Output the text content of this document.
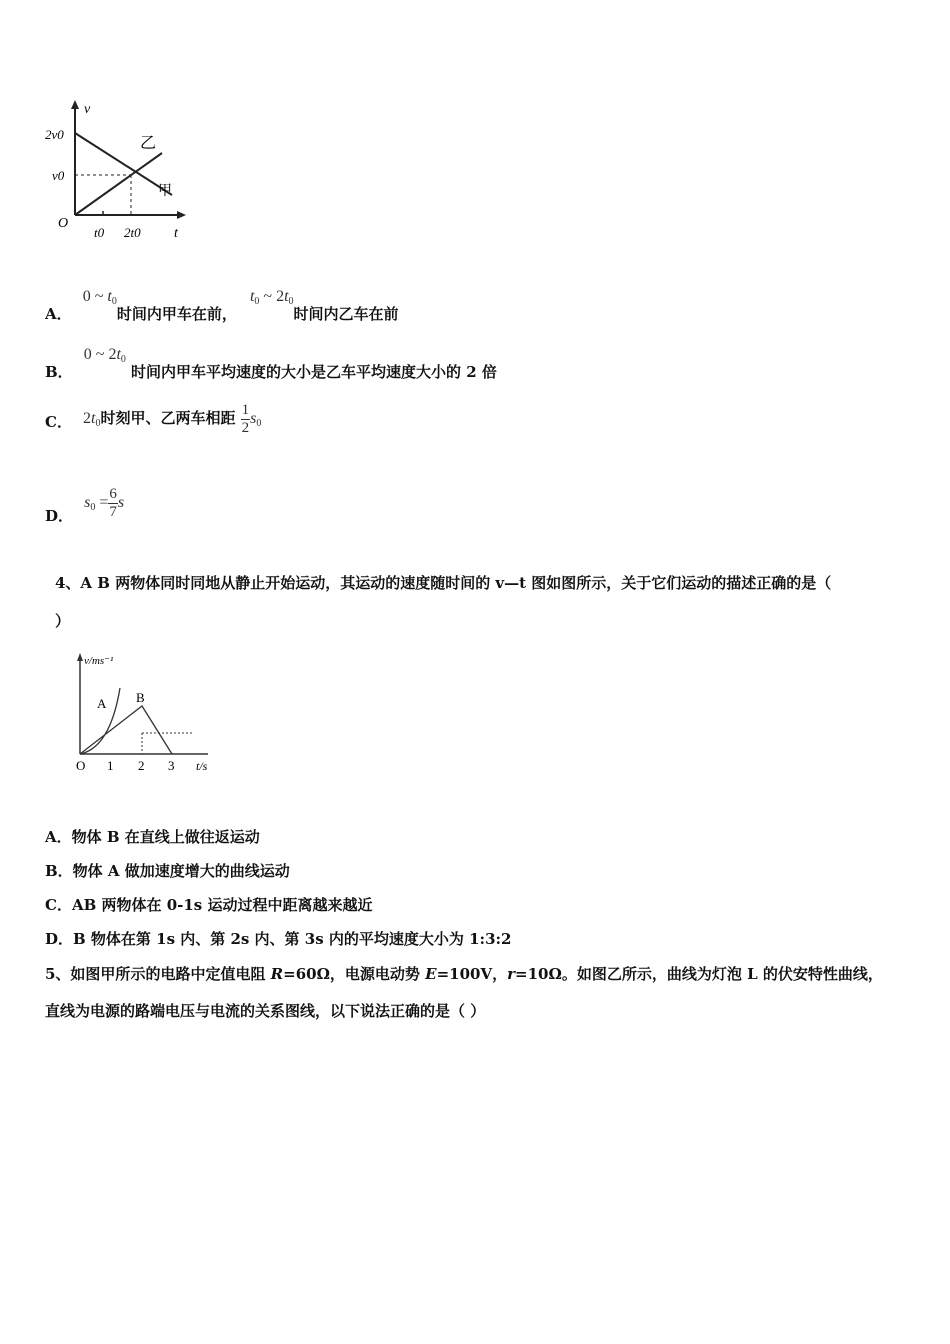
v
2v0
v0
O
t0 2t0 t
乙
甲
A． 0 ~ $t_0$时间内甲车在前， $t_0$ ~ $2t_0$时间内乙车在前
B． 0 ~ $2t_0$ 时间内甲车平均速度的大小是乙车平均速度大小的 2 倍
C． $2t_0$时刻甲、乙两车相距 $\frac{1}{2} s_0$
D． $s_0 = \frac{6}{7}$ s
4、A B 两物体同时同地从静止开始运动，其运动的速度随时间的 v—t 图如图所示，关于它们运动的描述正确的是（
）
v/ms⁻¹
A B
O 1 2 3 t/s
A．物体 B 在直线上做往返运动
B．物体 A 做加速度增大的曲线运动
C．AB 两物体在 0-1s 运动过程中距离越来越近
D．B 物体在第 1s 内、第 2s 内、第 3s 内的平均速度大小为 1:3:2
5、如图甲所示的电路中定值电阻 R=60Ω，电源电动势 E=100V，r=10Ω。如图乙所示，曲线为灯泡 L 的伏安特性曲线，
直线为电源的路端电压与电流的关系图线，以下说法正确的是（ ）
